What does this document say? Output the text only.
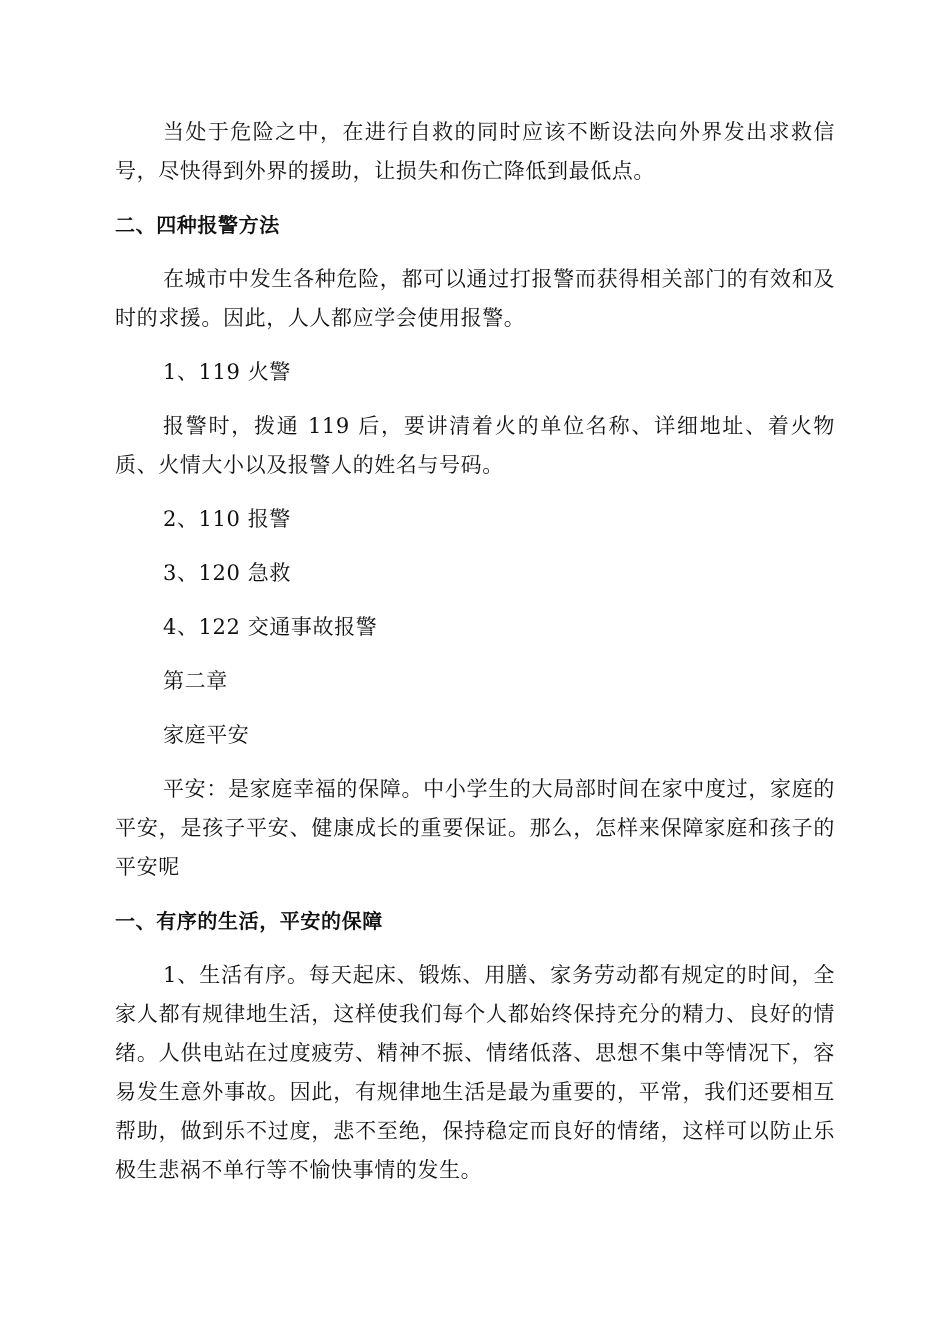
当处于危险之中，在进行自救的同时应该不断设法向外界发出求救信号，尽快得到外界的援助，让损失和伤亡降低到最低点。

二、四种报警方法

在城市中发生各种危险，都可以通过打报警而获得相关部门的有效和及时的求援。因此，人人都应学会使用报警。

1、119 火警

报警时，拨通 119 后，要讲清着火的单位名称、详细地址、着火物质、火情大小以及报警人的姓名与号码。

2、110 报警

3、120 急救

4、122 交通事故报警

第二章

家庭平安

平安：是家庭幸福的保障。中小学生的大局部时间在家中度过，家庭的平安，是孩子平安、健康成长的重要保证。那么，怎样来保障家庭和孩子的平安呢

一、有序的生活，平安的保障

1、生活有序。每天起床、锻炼、用膳、家务劳动都有规定的时间，全家人都有规律地生活，这样使我们每个人都始终保持充分的精力、良好的情绪。人供电站在过度疲劳、精神不振、情绪低落、思想不集中等情况下，容易发生意外事故。因此，有规律地生活是最为重要的，平常，我们还要相互帮助，做到乐不过度，悲不至绝，保持稳定而良好的情绪，这样可以防止乐极生悲祸不单行等不愉快事情的发生。
